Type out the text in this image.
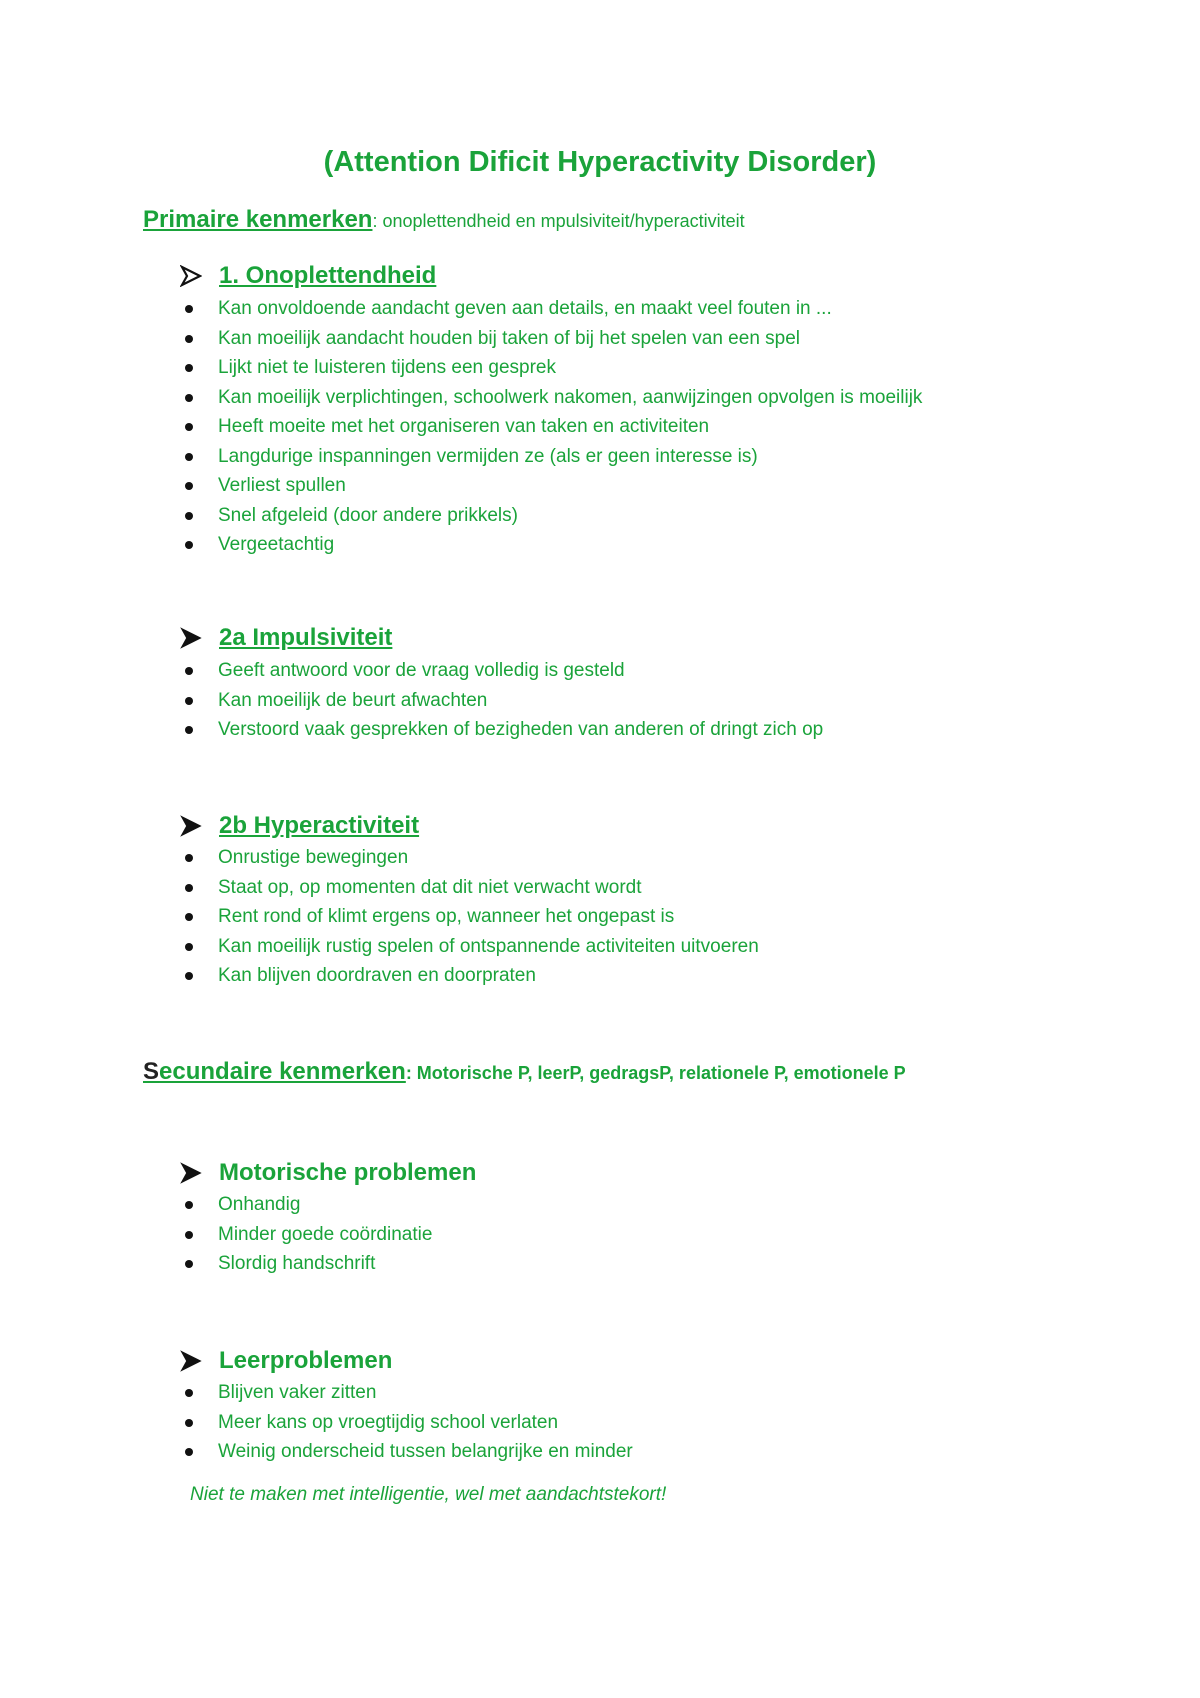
(Attention Dificit Hyperactivity Disorder)
Primaire kenmerken: onoplettendheid en mpulsiviteit/hyperactiviteit
1. Onoplettendheid
Kan onvoldoende aandacht geven aan details, en maakt veel fouten in ...
Kan moeilijk aandacht houden bij taken of bij het spelen van een spel
Lijkt niet te luisteren tijdens een gesprek
Kan moeilijk verplichtingen, schoolwerk nakomen, aanwijzingen opvolgen is moeilijk
Heeft moeite met het organiseren van taken en activiteiten
Langdurige inspanningen vermijden ze (als er geen interesse is)
Verliest spullen
Snel afgeleid (door andere prikkels)
Vergeetachtig
2a Impulsiviteit
Geeft antwoord voor de vraag volledig is gesteld
Kan moeilijk de beurt afwachten
Verstoord vaak gesprekken of bezigheden van anderen of dringt zich op
2b Hyperactiviteit
Onrustige bewegingen
Staat op, op momenten dat dit niet verwacht wordt
Rent rond of klimt ergens op, wanneer het ongepast is
Kan moeilijk rustig spelen of ontspannende activiteiten uitvoeren
Kan blijven doordraven en doorpraten
Secundaire kenmerken: Motorische P, leerP, gedragsP, relationele P, emotionele P
Motorische problemen
Onhandig
Minder goede coördinatie
Slordig handschrift
Leerproblemen
Blijven vaker zitten
Meer kans op vroegtijdig school verlaten
Weinig onderscheid tussen belangrijke en minder
Niet te maken met intelligentie, wel met aandachtstekort!
